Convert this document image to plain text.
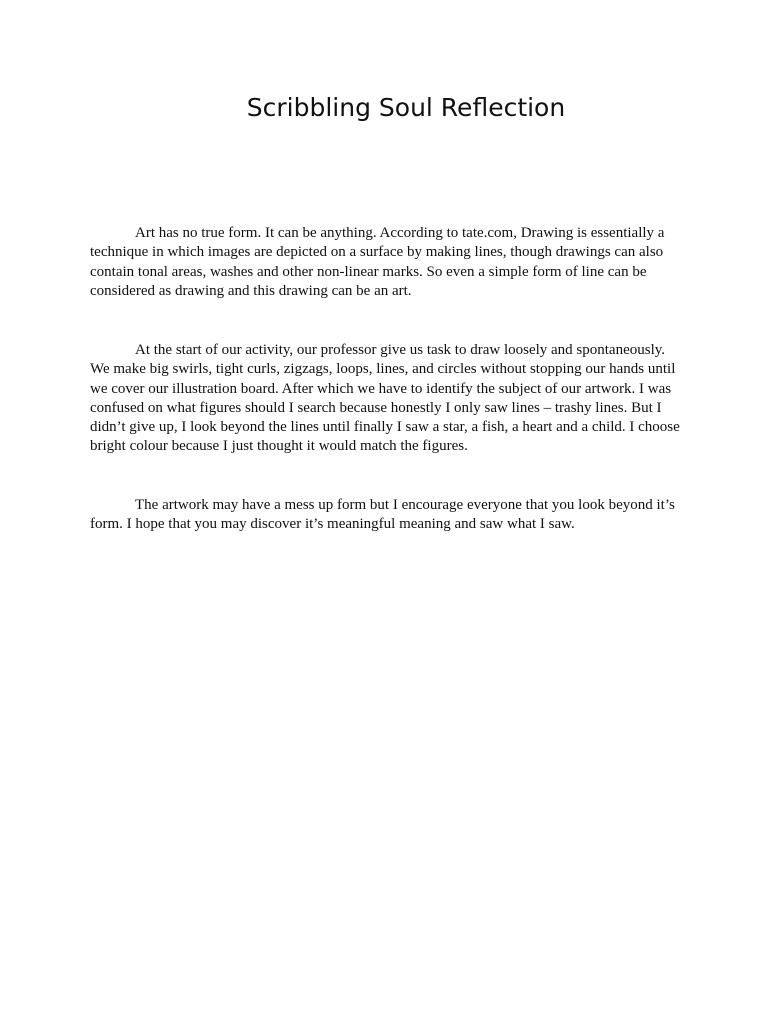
Scribbling Soul Reflection

Art has no true form. It can be anything. According to tate.com, Drawing is essentially a technique in which images are depicted on a surface by making lines, though drawings can also contain tonal areas, washes and other non-linear marks. So even a simple form of line can be considered as drawing and this drawing can be an art.

At the start of our activity, our professor give us task to draw loosely and spontaneously. We make big swirls, tight curls, zigzags, loops, lines, and circles without stopping our hands until we cover our illustration board. After which we have to identify the subject of our artwork. I was confused on what figures should I search because honestly I only saw lines – trashy lines. But I didn’t give up, I look beyond the lines until finally I saw a star, a fish, a heart and a child. I choose bright colour because I just thought it would match the figures.

The artwork may have a mess up form but I encourage everyone that you look beyond it’s form. I hope that you may discover it’s meaningful meaning and saw what I saw.
